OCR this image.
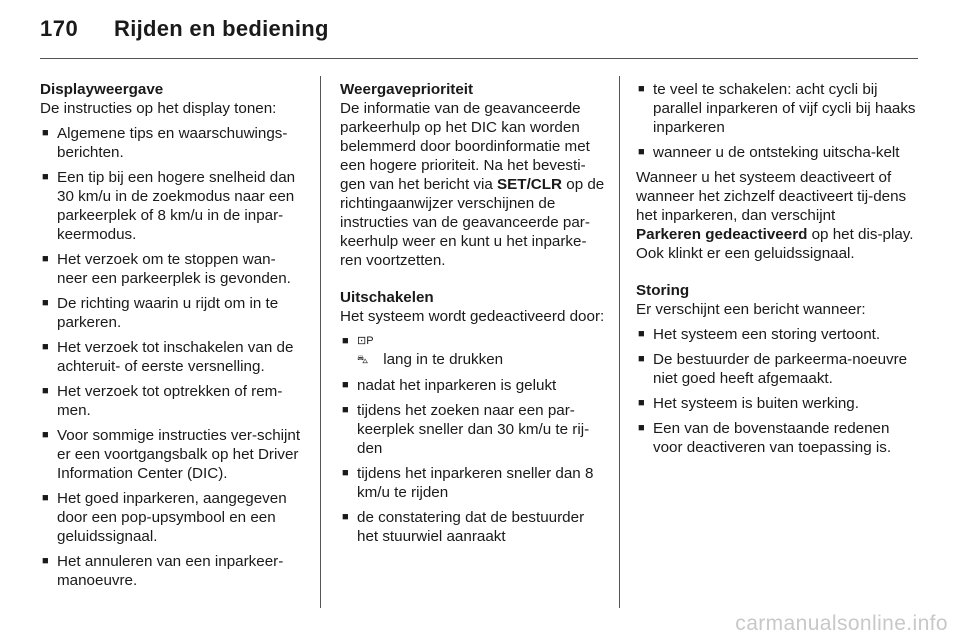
170 Rijden en bediening
Displayweergave

De instructies op het display tonen:

■ Algemene tips en waarschuwings-berichten.
■ Een tip bij een hogere snelheid dan 30 km/u in de zoekmodus naar een parkeerplek of 8 km/u in de inpar-keermodus.
■ Het verzoek om te stoppen wan-neer een parkeerplek is gevonden.
■ De richting waarin u rijdt om in te parkeren.
■ Het verzoek tot inschakelen van de achteruit- of eerste versnelling.
■ Het verzoek tot optrekken of rem-men.
■ Voor sommige instructies ver-schijnt er een voortgangsbalk op het Driver Information Center (DIC).
■ Het goed inparkeren, aangegeven door een pop-upsymbool en een geluidssignaal.
■ Het annuleren van een inparkeer-manoeuvre.
Weergaveprioriteit

De informatie van de geavanceerde parkeerhulp op het DIC kan worden belemmerd door boordinformatie met een hogere prioriteit. Na het bevesti-gen van het bericht via SET/CLR op de richtingaanwijzer verschijnen de instructies van de geavanceerde par-keerhulp weer en kunt u het inparke-ren voortzetten.

Uitschakelen

Het systeem wordt gedeactiveerd door:

■ ⊡P⛍ lang in te drukken
■ nadat het inparkeren is gelukt
■ tijdens het zoeken naar een par-keerplek sneller dan 30 km/u te rij-den
■ tijdens het inparkeren sneller dan 8 km/u te rijden
■ de constatering dat de bestuurder het stuurwiel aanraakt
■ te veel te schakelen: acht cycli bij parallel inparkeren of vijf cycli bij haaks inparkeren
■ wanneer u de ontsteking uitscha-kelt

Wanneer u het systeem deactiveert of wanneer het zichzelf deactiveert tij-dens het inparkeren, dan verschijnt
Parkeren gedeactiveerd op het dis-play. Ook klinkt er een geluidssignaal.

Storing

Er verschijnt een bericht wanneer:

■ Het systeem een storing vertoont.
■ De bestuurder de parkeerma-noeuvre niet goed heeft afgemaakt.
■ Het systeem is buiten werking.
■ Een van de bovenstaande redenen voor deactiveren van toepassing is.
carmanualsonline.info
